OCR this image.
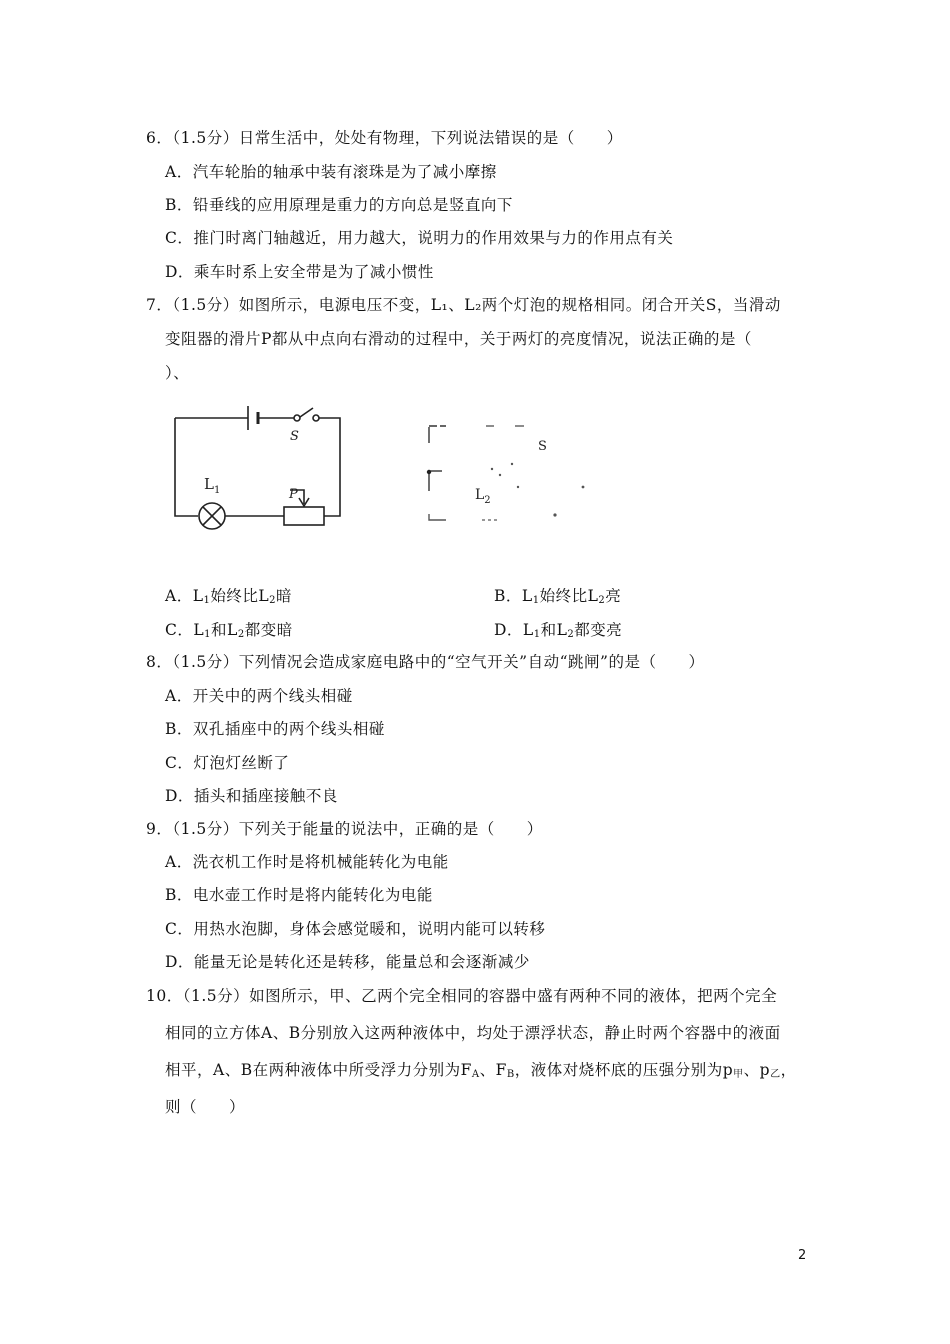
6．（1.5分）日常生活中，处处有物理，下列说法错误的是（　　）
A．汽车轮胎的轴承中装有滚珠是为了减小摩擦
B．铅垂线的应用原理是重力的方向总是竖直向下
C．推门时离门轴越近，用力越大，说明力的作用效果与力的作用点有关
D．乘车时系上安全带是为了减小惯性
7．（1.5分）如图所示，电源电压不变，L₁、L₂两个灯泡的规格相同。闭合开关S，当滑动
变阻器的滑片P都从中点向右滑动的过程中，关于两灯的亮度情况，说法正确的是（
）、
S
$L_1$	P
S
$L_2$
A．$L_1$始终比$L_2$暗	B．$L_1$始终比$L_2$亮
C．$L_1$和$L_2$都变暗	D．$L_1$和$L_2$都变亮
8．（1.5分）下列情况会造成家庭电路中的“空气开关”自动“跳闸”的是（　　）
A．开关中的两个线头相碰
B．双孔插座中的两个线头相碰
C．灯泡灯丝断了
D．插头和插座接触不良
9．（1.5分）下列关于能量的说法中，正确的是（　　）
A．洗衣机工作时是将机械能转化为电能
B．电水壶工作时是将内能转化为电能
C．用热水泡脚，身体会感觉暖和，说明内能可以转移
D．能量无论是转化还是转移，能量总和会逐渐减少
10．（1.5分）如图所示，甲、乙两个完全相同的容器中盛有两种不同的液体，把两个完全
相同的立方体A、B分别放入这两种液体中，均处于漂浮状态，静止时两个容器中的液面
相平，A、B在两种液体中所受浮力分别为$F_A$、$F_B$，液体对烧杯底的压强分别为$p_甲$、$p_乙$，
则（　　）
2
